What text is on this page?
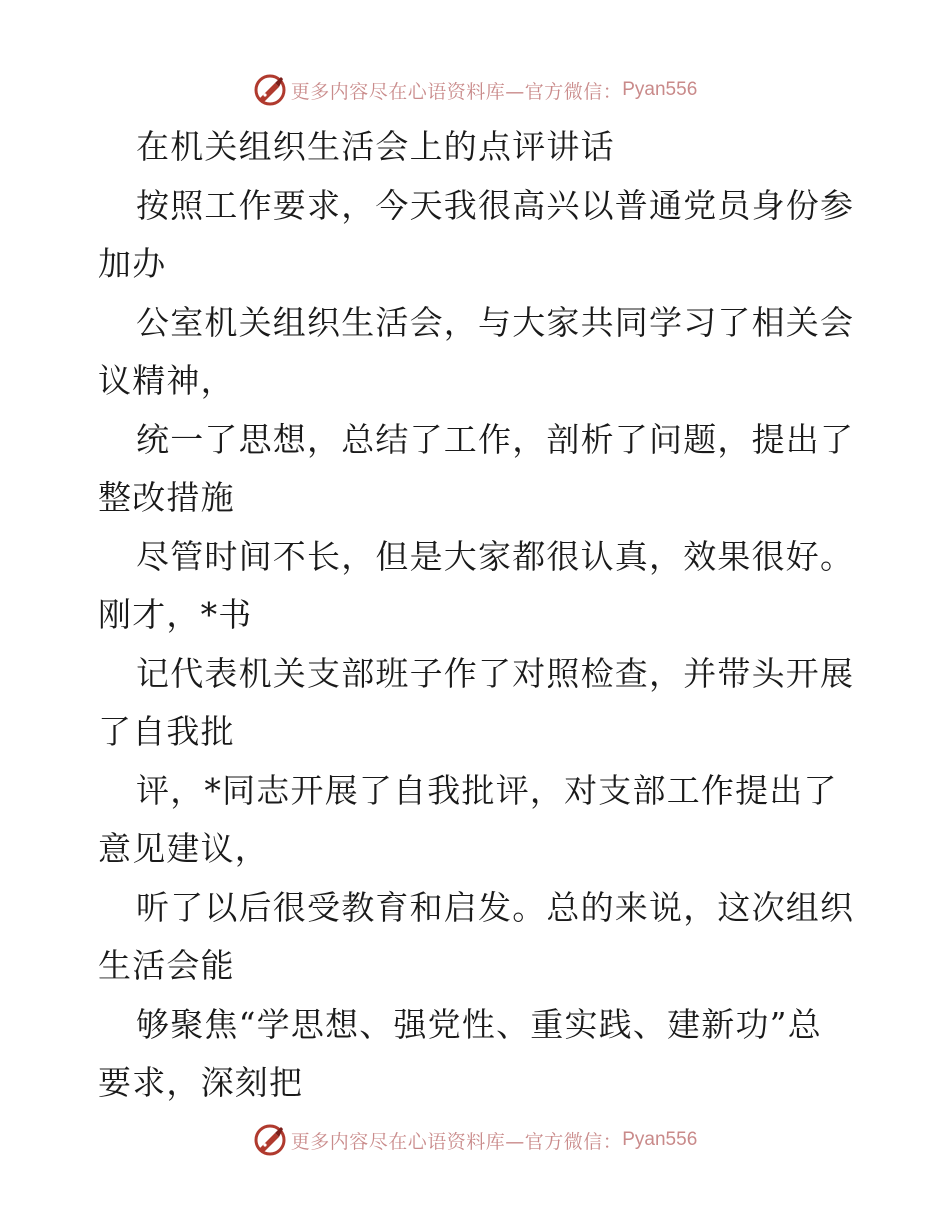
更多内容尽在心语资料库—官方微信： Pyan556
在机关组织生活会上的点评讲话
按照工作要求，今天我很高兴以普通党员身份参
加办
公室机关组织生活会，与大家共同学习了相关会
议精神，
统一了思想，总结了工作，剖析了问题，提出了
整改措施
尽管时间不长，但是大家都很认真，效果很好。
刚才，*书
记代表机关支部班子作了对照检查，并带头开展
了自我批
评，*同志开展了自我批评，对支部工作提出了
意见建议，
听了以后很受教育和启发。总的来说，这次组织
生活会能
够聚焦“学思想、强党性、重实践、建新功”总
要求，深刻把
更多内容尽在心语资料库—官方微信： Pyan556
